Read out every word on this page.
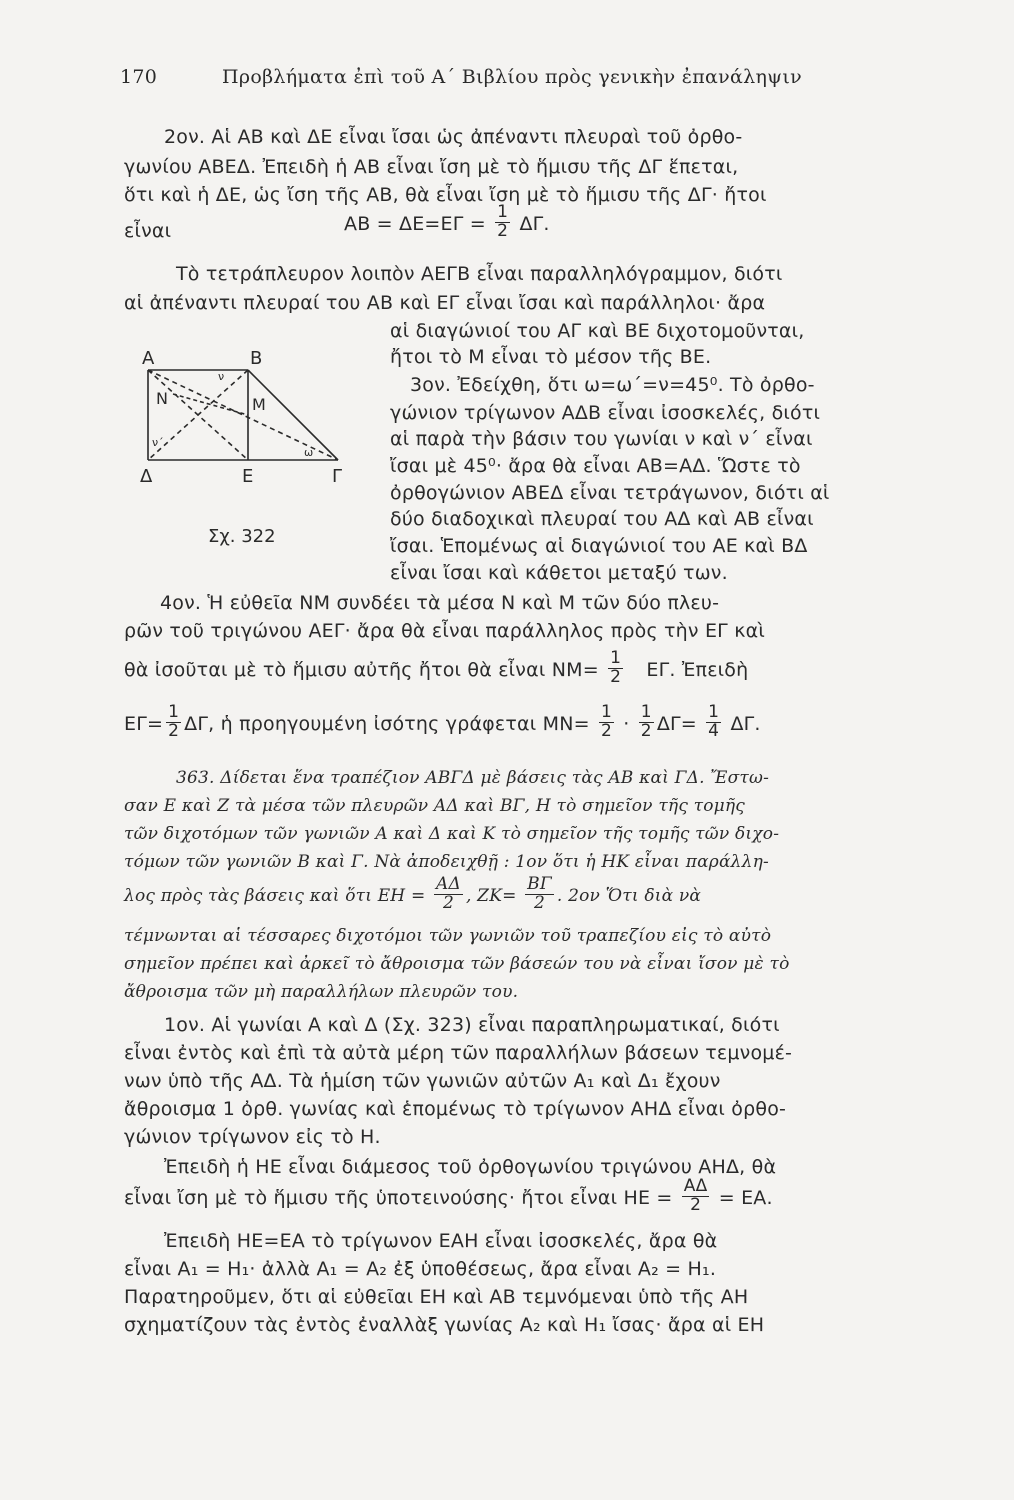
170	Προβλήματα ἐπὶ τοῦ Α΄ Βιβλίου πρὸς γενικὴν ἐπανάληψιν
2ον. Αἱ ΑΒ καὶ ΔΕ εἶναι ἴσαι ὡς ἀπέναντι πλευραὶ τοῦ ὀρθο-
γωνίου ΑΒΕΔ. Ἐπειδὴ ἡ ΑΒ εἶναι ἴση μὲ τὸ ἥμισυ τῆς ΔΓ ἕπεται,
ὅτι καὶ ἡ ΔΕ, ὡς ἴση τῆς ΑΒ, θὰ εἶναι ἴση μὲ τὸ ἥμισυ τῆς ΔΓ· ἤτοι
εἶναι	$AB = \Delta E=E\Gamma = \frac{1}{2} \Delta\Gamma$.
Τὸ τετράπλευρον λοιπὸν ΑΕΓΒ εἶναι παραλληλόγραμμον, διότι
αἱ ἀπέναντι πλευραί του ΑΒ καὶ ΕΓ εἶναι ἴσαι καὶ παράλληλοι· ἄρα
αἱ διαγώνιοί του ΑΓ καὶ ΒΕ διχοτομοῦνται,
ἤτοι τὸ Μ εἶναι τὸ μέσον τῆς ΒΕ.
3ον. Ἐδείχθη, ὅτι ω=ω΄=ν=45⁰. Τὸ ὀρθο-
γώνιον τρίγωνον ΑΔΒ εἶναι ἰσοσκελές, διότι
αἱ παρὰ τὴν βάσιν του γωνίαι ν καὶ ν΄ εἶναι
ἴσαι μὲ 45⁰· ἄρα θὰ εἶναι ΑΒ=ΑΔ. Ὥστε τὸ
ὀρθογώνιον ΑΒΕΔ εἶναι τετράγωνον, διότι αἱ
δύο διαδοχικαὶ πλευραί του ΑΔ καὶ ΑΒ εἶναι
ἴσαι. Ἑπομένως αἱ διαγώνιοί του ΑΕ καὶ ΒΔ
εἶναι ἴσαι καὶ κάθετοι μεταξύ των.
Α	Β
Δ	Ε	Γ
Ν	Μ
ν
ν΄
ω
Σχ. 322
4ον. Ἡ εὐθεῖα ΝΜ συνδέει τὰ μέσα Ν καὶ Μ τῶν δύο πλευ-
ρῶν τοῦ τριγώνου ΑΕΓ· ἄρα θὰ εἶναι παράλληλος πρὸς τὴν ΕΓ καὶ
θὰ ἰσοῦται μὲ τὸ ἥμισυ αὐτῆς ἤτοι θὰ εἶναι $NM= \frac{1}{2} E\Gamma$. Ἐπειδὴ
$E\Gamma= \frac{1}{2} \Delta\Gamma$, ἡ προηγουμένη ἰσότης γράφεται $MN= \frac{1}{2} \cdot \frac{1}{2} \Delta\Gamma= \frac{1}{4} \Delta\Gamma$.
363. Δίδεται ἕνα τραπέζιον ΑΒΓΔ μὲ βάσεις τὰς ΑΒ καὶ ΓΔ. Ἔστω-
σαν Ε καὶ Ζ τὰ μέσα τῶν πλευρῶν ΑΔ καὶ ΒΓ, Η τὸ σημεῖον τῆς τομῆς
τῶν διχοτόμων τῶν γωνιῶν Α καὶ Δ καὶ Κ τὸ σημεῖον τῆς τομῆς τῶν διχο-
τόμων τῶν γωνιῶν Β καὶ Γ. Νὰ ἀποδειχθῇ : 1ον ὅτι ἡ ΗΚ εἶναι παράλλη-
λος πρὸς τὰς βάσεις καὶ ὅτι $EH = \frac{A\Delta}{2}$ , $ZK= \frac{B\Gamma}{2}$ . 2ον Ὅτι διὰ νὰ
τέμνωνται αἱ τέσσαρες διχοτόμοι τῶν γωνιῶν τοῦ τραπεζίου εἰς τὸ αὐτὸ
σημεῖον πρέπει καὶ ἀρκεῖ τὸ ἄθροισμα τῶν βάσεών του νὰ εἶναι ἴσον μὲ τὸ
ἄθροισμα τῶν μὴ παραλλήλων πλευρῶν του.
1ον. Αἱ γωνίαι Α καὶ Δ (Σχ. 323) εἶναι παραπληρωματικαί, διότι
εἶναι ἐντὸς καὶ ἐπὶ τὰ αὐτὰ μέρη τῶν παραλλήλων βάσεων τεμνομέ-
νων ὑπὸ τῆς ΑΔ. Τὰ ἡμίση τῶν γωνιῶν αὐτῶν Α₁ καὶ Δ₁ ἔχουν
ἄθροισμα 1 ὀρθ. γωνίας καὶ ἑπομένως τὸ τρίγωνον ΑΗΔ εἶναι ὀρθο-
γώνιον τρίγωνον εἰς τὸ Η.
Ἐπειδὴ ἡ ΗΕ εἶναι διάμεσος τοῦ ὀρθογωνίου τριγώνου ΑΗΔ, θὰ
εἶναι ἴση μὲ τὸ ἥμισυ τῆς ὑποτεινούσης· ἤτοι εἶναι $HE = \frac{A\Delta}{2} = EA$.
Ἐπειδὴ ΗΕ=ΕΑ τὸ τρίγωνον ΕΑΗ εἶναι ἰσοσκελές, ἄρα θὰ
εἶναι Α₁ = Η₁· ἀλλὰ Α₁ = Α₂ ἐξ ὑποθέσεως, ἄρα εἶναι Α₂ = Η₁.
Παρατηροῦμεν, ὅτι αἱ εὐθεῖαι ΕΗ καὶ ΑΒ τεμνόμεναι ὑπὸ τῆς ΑΗ
σχηματίζουν τὰς ἐντὸς ἐναλλὰξ γωνίας Α₂ καὶ Η₁ ἴσας· ἄρα αἱ ΕΗ
